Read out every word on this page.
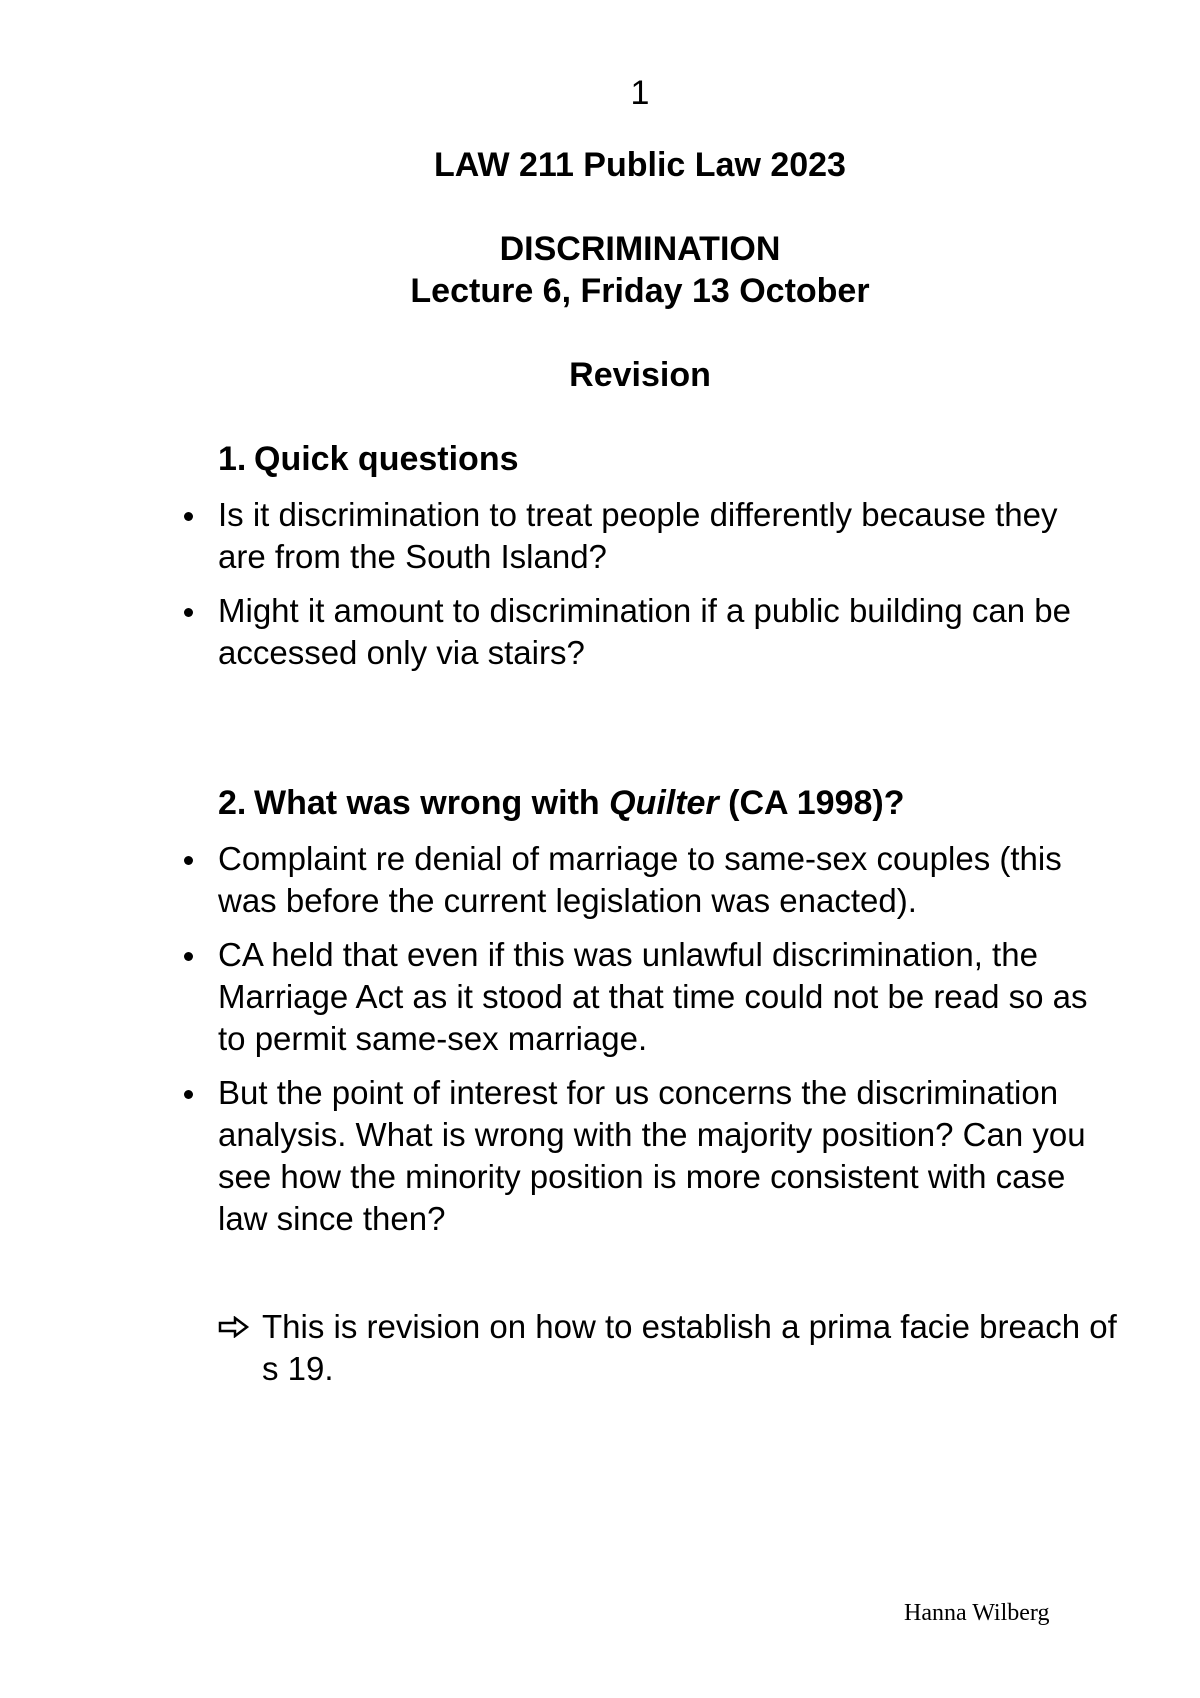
1
LAW 211 Public Law 2023
DISCRIMINATION
Lecture 6, Friday 13 October
Revision
1. Quick questions
Is it discrimination to treat people differently because they are from the South Island?
Might it amount to discrimination if a public building can be accessed only via stairs?
2. What was wrong with Quilter (CA 1998)?
Complaint re denial of marriage to same-sex couples (this was before the current legislation was enacted).
CA held that even if this was unlawful discrimination, the Marriage Act as it stood at that time could not be read so as to permit same-sex marriage.
But the point of interest for us concerns the discrimination analysis. What is wrong with the majority position? Can you see how the minority position is more consistent with case law since then?
This is revision on how to establish a prima facie breach of s 19.
Hanna Wilberg
